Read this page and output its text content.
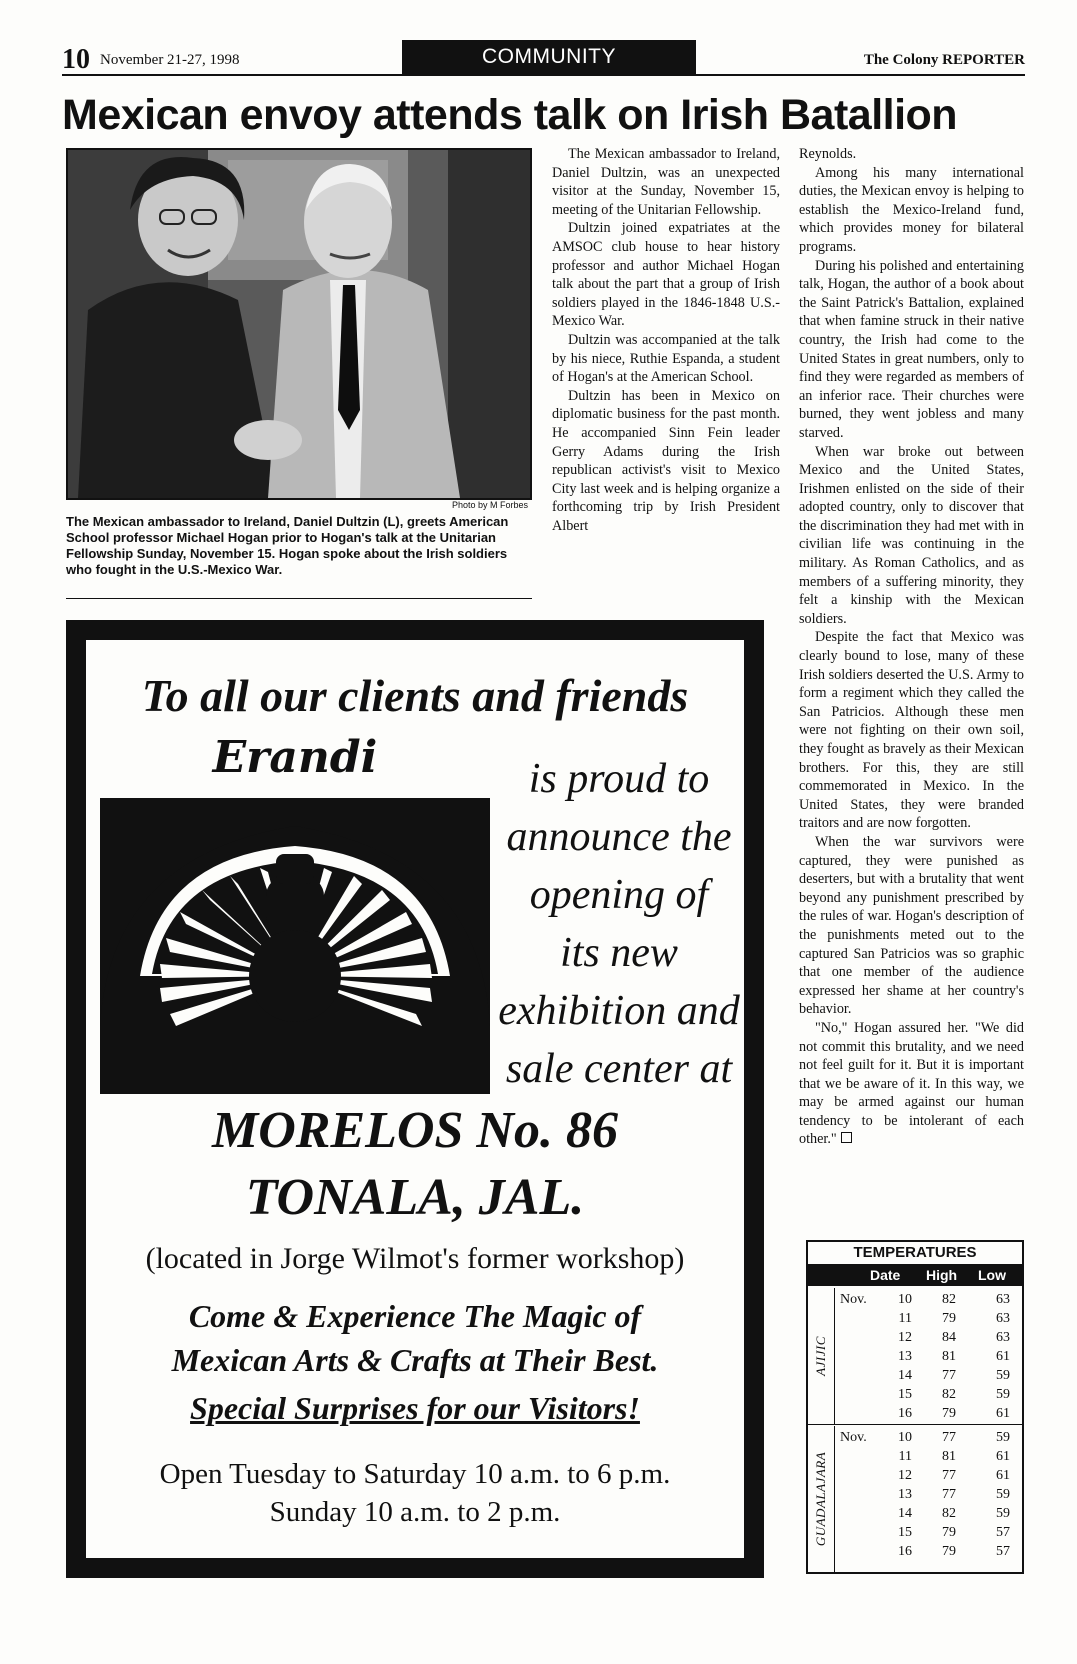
10 November 21-27, 1998	COMMUNITY	The Colony REPORTER
Mexican envoy attends talk on Irish Batallion
Photo by M Forbes
The Mexican ambassador to Ireland, Daniel Dultzin (L), greets American School professor Michael Hogan prior to Hogan's talk at the Unitarian Fellowship Sunday, November 15. Hogan spoke about the Irish soldiers who fought in the U.S.-Mexico War.

The Mexican ambassador to Ireland, Daniel Dultzin, was an unexpected visitor at the Sunday, November 15, meeting of the Unitarian Fellowship.

Dultzin joined expatriates at the AMSOC club house to hear history professor and author Michael Hogan talk about the part that a group of Irish soldiers played in the 1846-1848 U.S.-Mexico War.

Dultzin was accompanied at the talk by his niece, Ruthie Espanda, a student of Hogan's at the American School.

Dultzin has been in Mexico on diplomatic business for the past month. He accompanied Sinn Fein leader Gerry Adams during the Irish republican activist's visit to Mexico City last week and is helping organize a forthcoming trip by Irish President Albert

Reynolds.

Among his many international duties, the Mexican envoy is helping to establish the Mexico-Ireland fund, which provides money for bilateral programs.

During his polished and entertaining talk, Hogan, the author of a book about the Saint Patrick's Battalion, explained that when famine struck in their native country, the Irish had come to the United States in great numbers, only to find they were regarded as members of an inferior race. Their churches were burned, they went jobless and many starved.

When war broke out between Mexico and the United States, Irishmen enlisted on the side of their adopted country, only to discover that the discrimination they had met with in civilian life was continuing in the military. As Roman Catholics, and as members of a suffering minority, they felt a kinship with the Mexican soldiers.

Despite the fact that Mexico was clearly bound to lose, many of these Irish soldiers deserted the U.S. Army to form a regiment which they called the San Patricios. Although these men were not fighting on their own soil, they fought as bravely as their Mexican brothers. For this, they are still commemorated in Mexico. In the United States, they were branded traitors and are now forgotten.

When the war survivors were captured, they were punished as deserters, but with a brutality that went beyond any punishment prescribed by the rules of war. Hogan's description of the punishments meted out to the captured San Patricios was so graphic that one member of the audience expressed her shame at her country's behavior.

"No," Hogan assured her. "We did not commit this brutality, and we need not feel guilt for it. But it is important that we be aware of it. In this way, we may be armed against our human tendency to be intolerant of each other."

To all our clients and friends
Erandi	is proud to
announce the
opening of
its new
exhibition and
sale center at
MORELOS No. 86
TONALA, JAL.
(located in Jorge Wilmot's former workshop)
Come & Experience The Magic of
Mexican Arts & Crafts at Their Best.
Special Surprises for our Visitors!
Open Tuesday to Saturday 10 a.m. to 6 p.m.
Sunday 10 a.m. to 2 p.m.
TEMPERATURES
Date High Low
AJIJIC
Nov.	10	82	63
11	79	63
12	84	63
13	81	61
14	77	59
15	82	59
16	79	61
GUADALAJARA
Nov.	10	77	59
11	81	61
12	77	61
13	77	59
14	82	59
15	79	57
16	79	57
